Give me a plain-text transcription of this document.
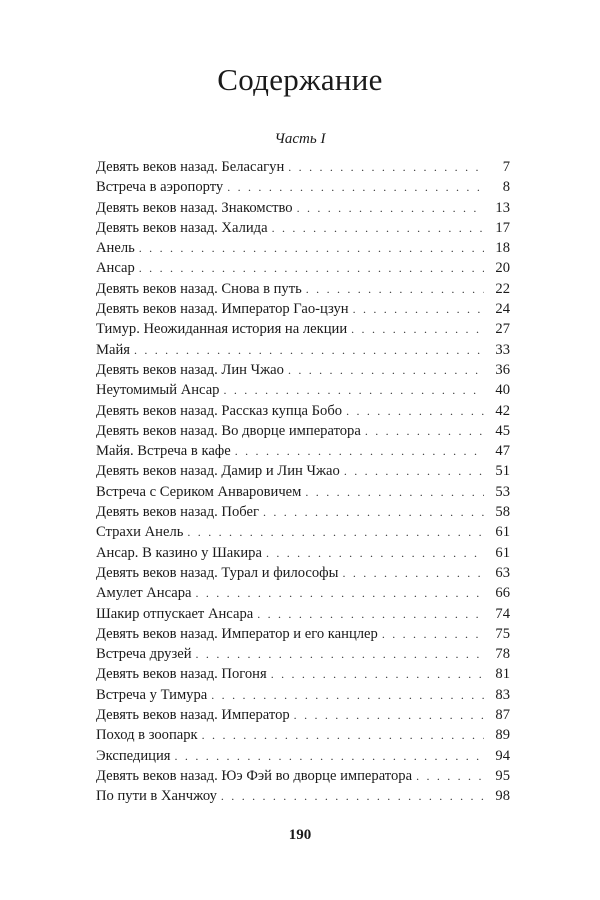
Содержание
Часть I
Девять веков назад. Беласагун . . .	7
Встреча в аэропорту . . .	8
Девять веков назад. Знакомство . . .	13
Девять веков назад. Халида . . .	17
Анель . . .	18
Ансар . . .	20
Девять веков назад. Снова в путь . . .	22
Девять веков назад. Император Гао-цзун . . .	24
Тимур. Неожиданная история на лекции . . .	27
Майя . . .	33
Девять веков назад. Лин Чжао . . .	36
Неутомимый Ансар . . .	40
Девять веков назад. Рассказ купца Бобо . . .	42
Девять веков назад. Во дворце императора . . .	45
Майя. Встреча в кафе . . .	47
Девять веков назад. Дамир и Лин Чжао . . .	51
Встреча с Сериком Анваровичем . . .	53
Девять веков назад. Побег . . .	58
Страхи Анель . . .	61
Ансар. В казино у Шакира . . .	61
Девять веков назад. Турал и философы . . .	63
Амулет Ансара . . .	66
Шакир отпускает Ансара . . .	74
Девять веков назад. Император и его канцлер . . .	75
Встреча друзей . . .	78
Девять веков назад. Погоня . . .	81
Встреча у Тимура . . .	83
Девять веков назад. Император . . .	87
Поход в зоопарк . . .	89
Экспедиция . . .	94
Девять веков назад. Юэ Фэй во дворце императора . . .	95
По пути в Ханчжоу . . .	98
190
